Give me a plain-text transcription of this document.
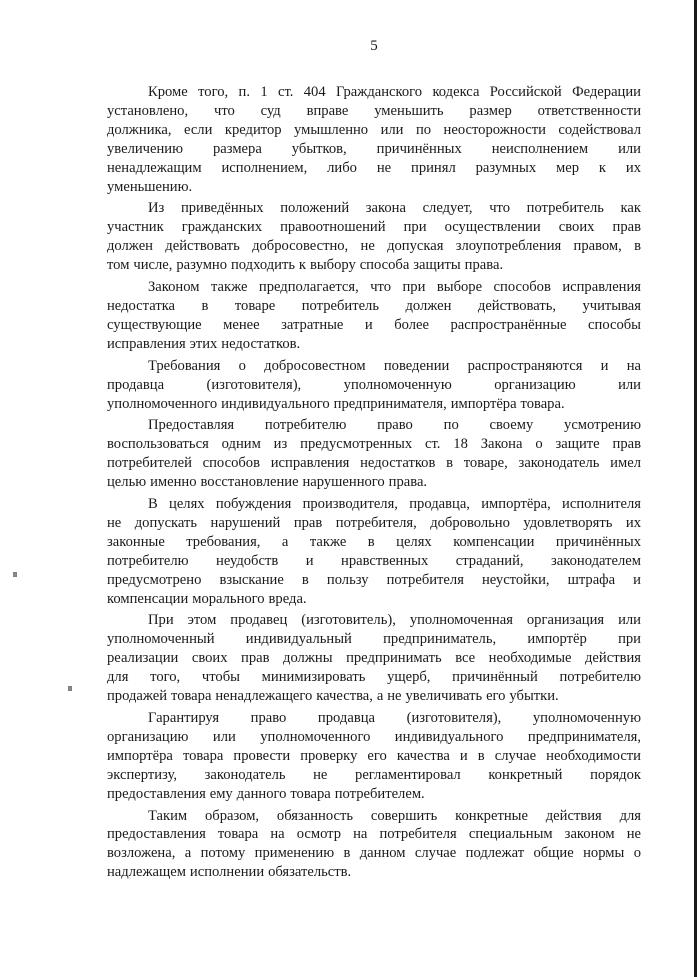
5
Кроме того, п. 1 ст. 404 Гражданского кодекса Российской Федерации
установлено, что суд вправе уменьшить размер ответственности
должника, если кредитор умышленно или по неосторожности содействовал
увеличению размера убытков, причинённых неисполнением или
ненадлежащим исполнением, либо не принял разумных мер к их
уменьшению.
Из приведённых положений закона следует, что потребитель как
участник гражданских правоотношений при осуществлении своих прав
должен действовать добросовестно, не допуская злоупотребления правом, в
том числе, разумно подходить к выбору способа защиты права.
Законом также предполагается, что при выборе способов исправления
недостатка в товаре потребитель должен действовать, учитывая
существующие менее затратные и более распространённые способы
исправления этих недостатков.
Требования о добросовестном поведении распространяются и на
продавца (изготовителя), уполномоченную организацию или
уполномоченного индивидуального предпринимателя, импортёра товара.
Предоставляя потребителю право по своему усмотрению
воспользоваться одним из предусмотренных ст. 18 Закона о защите прав
потребителей способов исправления недостатков в товаре, законодатель имел
целью именно восстановление нарушенного права.
В целях побуждения производителя, продавца, импортёра, исполнителя
не допускать нарушений прав потребителя, добровольно удовлетворять их
законные требования, а также в целях компенсации причинённых
потребителю неудобств и нравственных страданий, законодателем
предусмотрено взыскание в пользу потребителя неустойки, штрафа и
компенсации морального вреда.
При этом продавец (изготовитель), уполномоченная организация или
уполномоченный индивидуальный предприниматель, импортёр при
реализации своих прав должны предпринимать все необходимые действия
для того, чтобы минимизировать ущерб, причинённый потребителю
продажей товара ненадлежащего качества, а не увеличивать его убытки.
Гарантируя право продавца (изготовителя), уполномоченную
организацию или уполномоченного индивидуального предпринимателя,
импортёра товара провести проверку его качества и в случае необходимости
экспертизу, законодатель не регламентировал конкретный порядок
предоставления ему данного товара потребителем.
Таким образом, обязанность совершить конкретные действия для
предоставления товара на осмотр на потребителя специальным законом не
возложена, а потому применению в данном случае подлежат общие нормы о
надлежащем исполнении обязательств.
